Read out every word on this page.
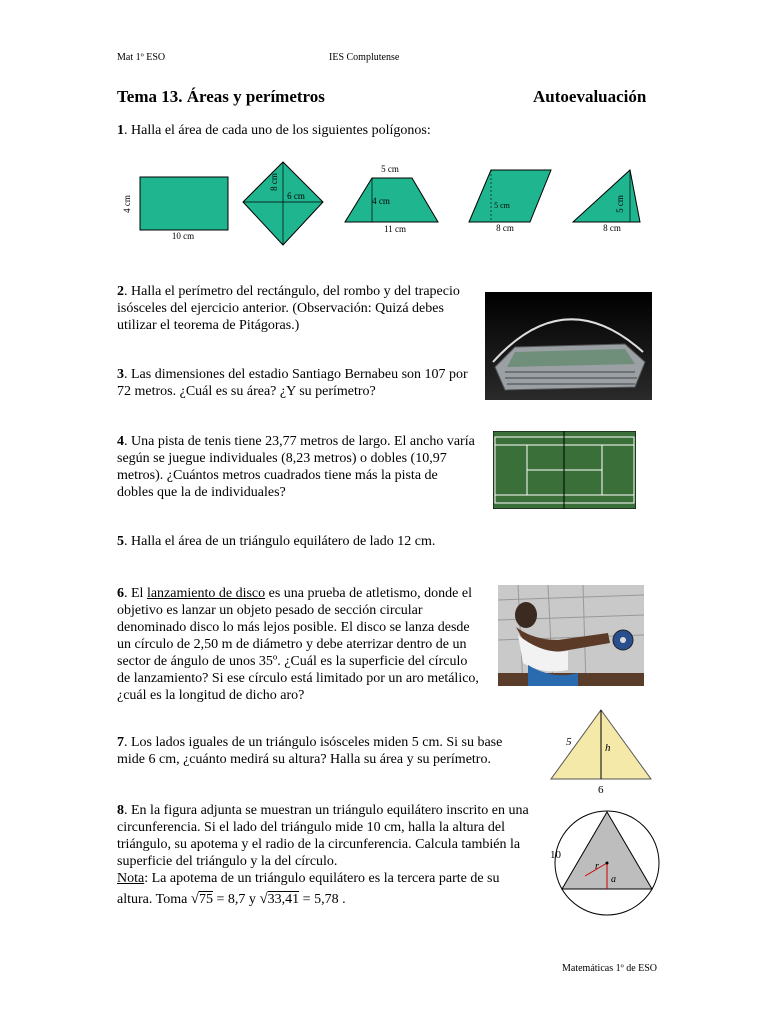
Mat 1º ESO	IES Complutense
Tema 13. Áreas y perímetros	Autoevaluación
1. Halla el área de cada uno de los siguientes polígonos:
4 cm
10 cm
8 cm
6 cm
5 cm
4 cm
11 cm
5 cm
8 cm
5 cm
8 cm
2. Halla el perímetro del rectángulo, del rombo y del trapecio
isósceles del ejercicio anterior. (Observación: Quizá debes
utilizar el teorema de Pitágoras.)
3. Las dimensiones del estadio Santiago Bernabeu son 107 por
72 metros. ¿Cuál es su área? ¿Y su perímetro?
4. Una pista de tenis tiene 23,77 metros de largo. El ancho varía
según se juegue individuales (8,23 metros) o dobles (10,97
metros). ¿Cuántos metros cuadrados tiene más la pista de
dobles que la de individuales?
5. Halla el área de un triángulo equilátero de lado 12 cm.
6. El lanzamiento de disco es una prueba de atletismo, donde el
objetivo es lanzar un objeto pesado de sección circular
denominado disco lo más lejos posible. El disco se lanza desde
un círculo de 2,50 m de diámetro y debe aterrizar dentro de un
sector de ángulo de unos 35º. ¿Cuál es la superficie del círculo
de lanzamiento? Si ese círculo está limitado por un aro metálico,
¿cuál es la longitud de dicho aro?
7. Los lados iguales de un triángulo isósceles miden 5 cm. Si su base
mide 6 cm, ¿cuánto medirá su altura? Halla su área y su perímetro.
5	h
6
8. En la figura adjunta se muestran un triángulo equilátero inscrito en una
circunferencia. Si el lado del triángulo mide 10 cm, halla la altura del
triángulo, su apotema y el radio de la circunferencia. Calcula también la
superficie del triángulo y la del círculo.
Nota: La apotema de un triángulo equilátero es la tercera parte de su
altura. Toma √75 = 8,7 y √33,41 = 5,78 .
10
r
a
Matemáticas 1º de ESO
